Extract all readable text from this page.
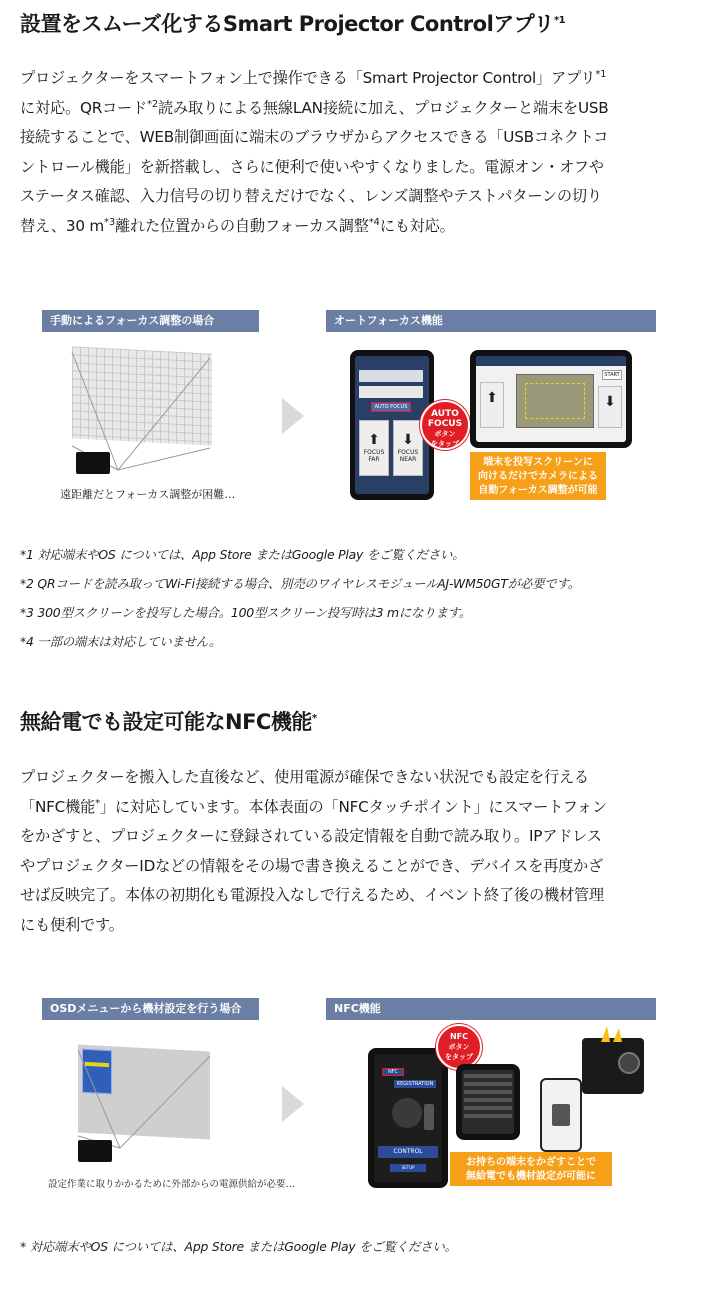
設置をスムーズ化するSmart Projector Controlアプリ$^{*1}$
プロジェクターをスマートフォン上で操作できる「Smart Projector Control」アプリ$^{*1}$
に対応。QRコード$^{*2}$読み取りによる無線LAN接続に加え、プロジェクターと端末をUSB
接続することで、WEB制御画面に端末のブラウザからアクセスできる「USBコネクトコ
ントロール機能」を新搭載し、さらに便利で使いやすくなりました。電源オン・オフや
ステータス確認、入力信号の切り替えだけでなく、レンズ調整やテストパターンの切り
替え、30 $m^{*3}$離れた位置からの自動フォーカス調整$^{*4}$にも対応。
手動によるフォーカス調整の場合
遠距離だとフォーカス調整が困難…
オートフォーカス機能
AUTO FOCUS
⬆
FOCUS FAR
⬇
FOCUS NEAR
AUTO
FOCUS
ボタン
をタップ
START
⬆	⬇
端末を投写スクリーンに
向けるだけでカメラによる
自動フォーカス調整が可能
*1 対応端末やOS については、App Store またはGoogle Play をご覧ください。
*2 QRコードを読み取ってWi-Fi接続する場合、別売のワイヤレスモジュールAJ-WM50GTが必要です。
*3 300型スクリーンを投写した場合。100型スクリーン投写時は3 mになります。
*4 一部の端末は対応していません。
無給電でも設定可能なNFC機能*
プロジェクターを搬入した直後など、使用電源が確保できない状況でも設定を行える
「NFC機能*」に対応しています。本体表面の「NFCタッチポイント」にスマートフォン
をかざすと、プロジェクターに登録されている設定情報を自動で読み取り。IPアドレス
やプロジェクターIDなどの情報をその場で書き換えることができ、デバイスを再度かざ
せば反映完了。本体の初期化も電源投入なしで行えるため、イベント終了後の機材管理
にも便利です。
OSDメニューから機材設定を行う場合
設定作業に取りかかるために外部からの電源供給が必要…
NFC機能
NFC
REGISTRATION
CONTROL
SETUP
NFC
ボタン
をタップ
お持ちの端末をかざすことで
無給電でも機材設定が可能に
* 対応端末やOS については、App Store またはGoogle Play をご覧ください。
